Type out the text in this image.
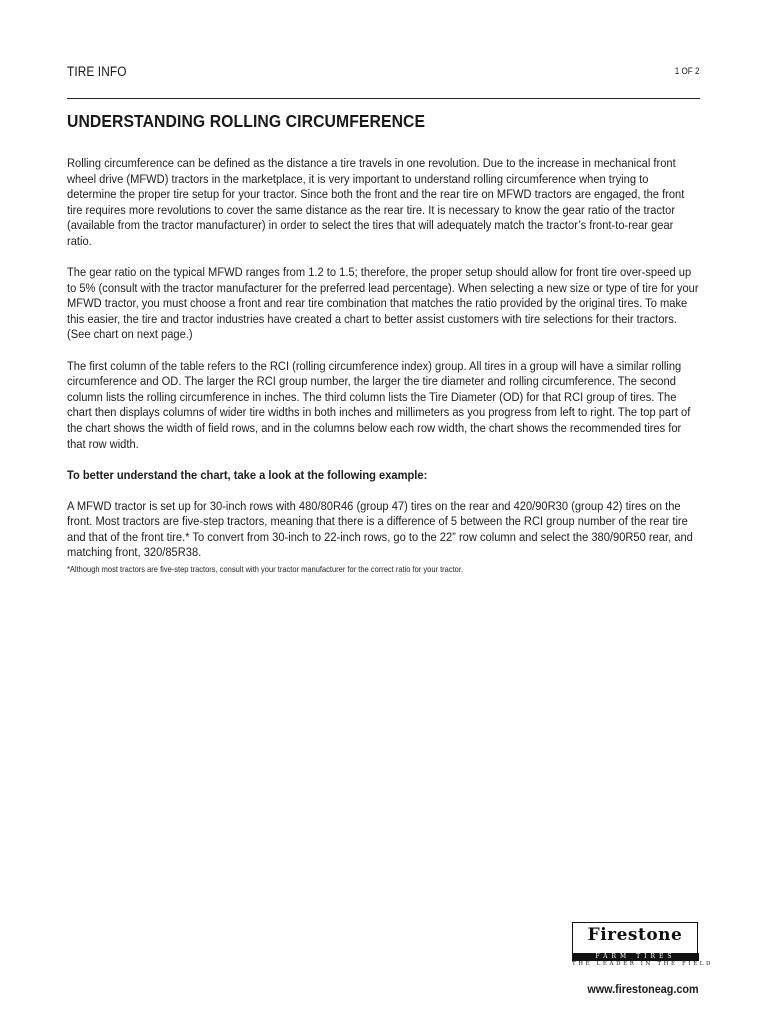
TIRE INFO	1 OF 2
UNDERSTANDING ROLLING CIRCUMFERENCE

Rolling circumference can be defined as the distance a tire travels in one revolution. Due to the increase in mechanical front wheel drive (MFWD) tractors in the marketplace, it is very important to understand rolling circumference when trying to determine the proper tire setup for your tractor. Since both the front and the rear tire on MFWD tractors are engaged, the front tire requires more revolutions to cover the same distance as the rear tire. It is necessary to know the gear ratio of the tractor (available from the tractor manufacturer) in order to select the tires that will adequately match the tractor’s front-to-rear gear ratio.

The gear ratio on the typical MFWD ranges from 1.2 to 1.5; therefore, the proper setup should allow for front tire over-speed up to 5% (consult with the tractor manufacturer for the preferred lead percentage). When selecting a new size or type of tire for your MFWD tractor, you must choose a front and rear tire combination that matches the ratio provided by the original tires. To make this easier, the tire and tractor industries have created a chart to better assist customers with tire selections for their tractors. (See chart on next page.)

The first column of the table refers to the RCI (rolling circumference index) group. All tires in a group will have a similar rolling circumference and OD. The larger the RCI group number, the larger the tire diameter and rolling circumference. The second column lists the rolling circumference in inches. The third column lists the Tire Diameter (OD) for that RCI group of tires. The chart then displays columns of wider tire widths in both inches and millimeters as you progress from left to right. The top part of the chart shows the width of field rows, and in the columns below each row width, the chart shows the recommended tires for that row width.

To better understand the chart, take a look at the following example:

A MFWD tractor is set up for 30-inch rows with 480/80R46 (group 47) tires on the rear and 420/90R30 (group 42) tires on the front. Most tractors are five-step tractors, meaning that there is a difference of 5 between the RCI group number of the rear tire and that of the front tire.* To convert from 30-inch to 22-inch rows, go to the 22” row column and select the 380/90R50 rear, and matching front, 320/85R38.

*Although most tractors are five-step tractors, consult with your tractor manufacturer for the correct ratio for your tractor.

Firestone
FARM TIRES
THE LEADER IN THE FIELD
www.firestoneag.com
